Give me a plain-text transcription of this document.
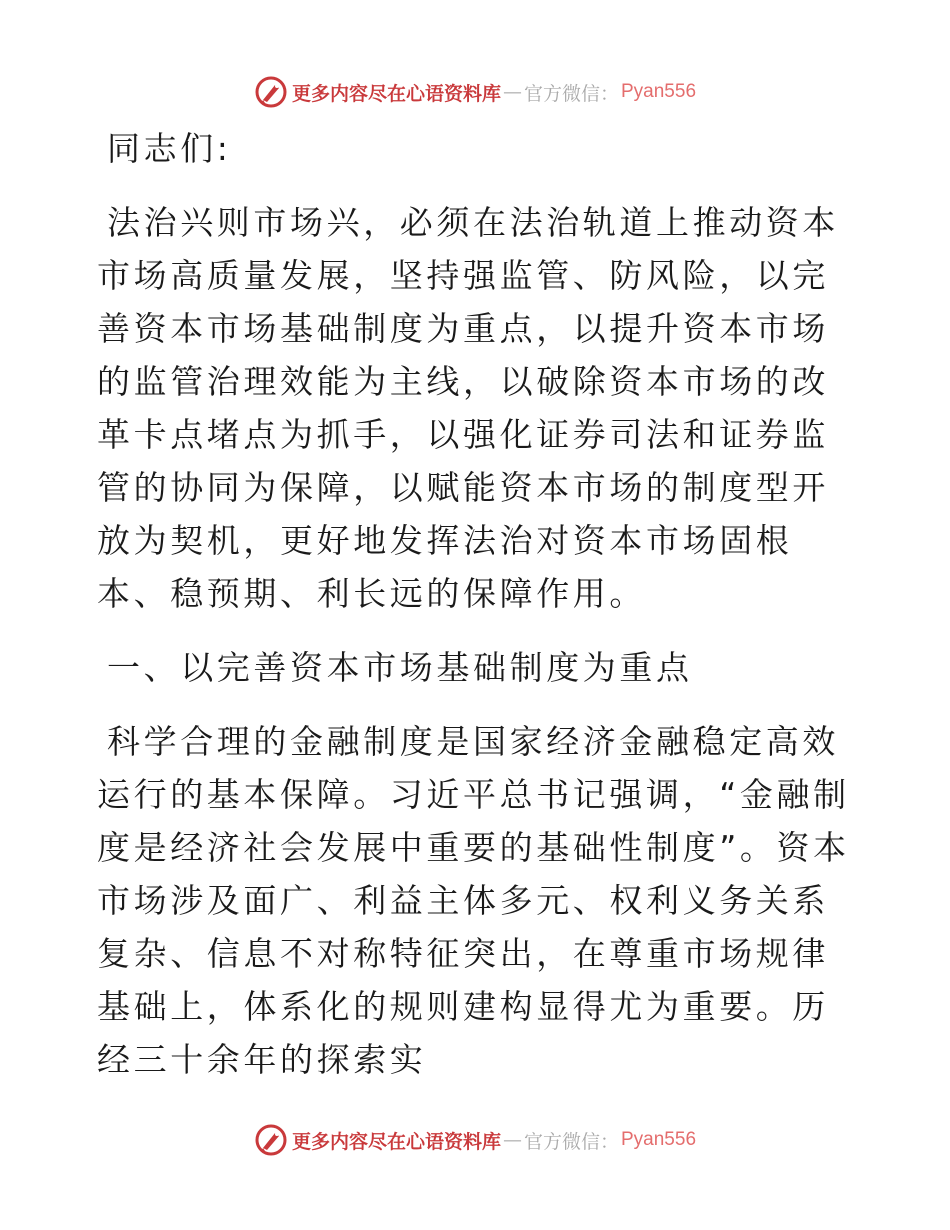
更多内容尽在心语资料库 — 官方微信： Pyan556

同志们:

法治兴则市场兴，必须在法治轨道上推动资本市场高质量发展，坚持强监管、防风险，以完善资本市场基础制度为重点，以提升资本市场的监管治理效能为主线，以破除资本市场的改革卡点堵点为抓手，以强化证券司法和证券监管的协同为保障，以赋能资本市场的制度型开放为契机，更好地发挥法治对资本市场固根本、稳预期、利长远的保障作用。

一、以完善资本市场基础制度为重点

科学合理的金融制度是国家经济金融稳定高效运行的基本保障。习近平总书记强调，“金融制度是经济社会发展中重要的基础性制度”。资本市场涉及面广、利益主体多元、权利义务关系复杂、信息不对称特征突出，在尊重市场规律基础上，体系化的规则建构显得尤为重要。历经三十余年的探索实

更多内容尽在心语资料库 — 官方微信： Pyan556
